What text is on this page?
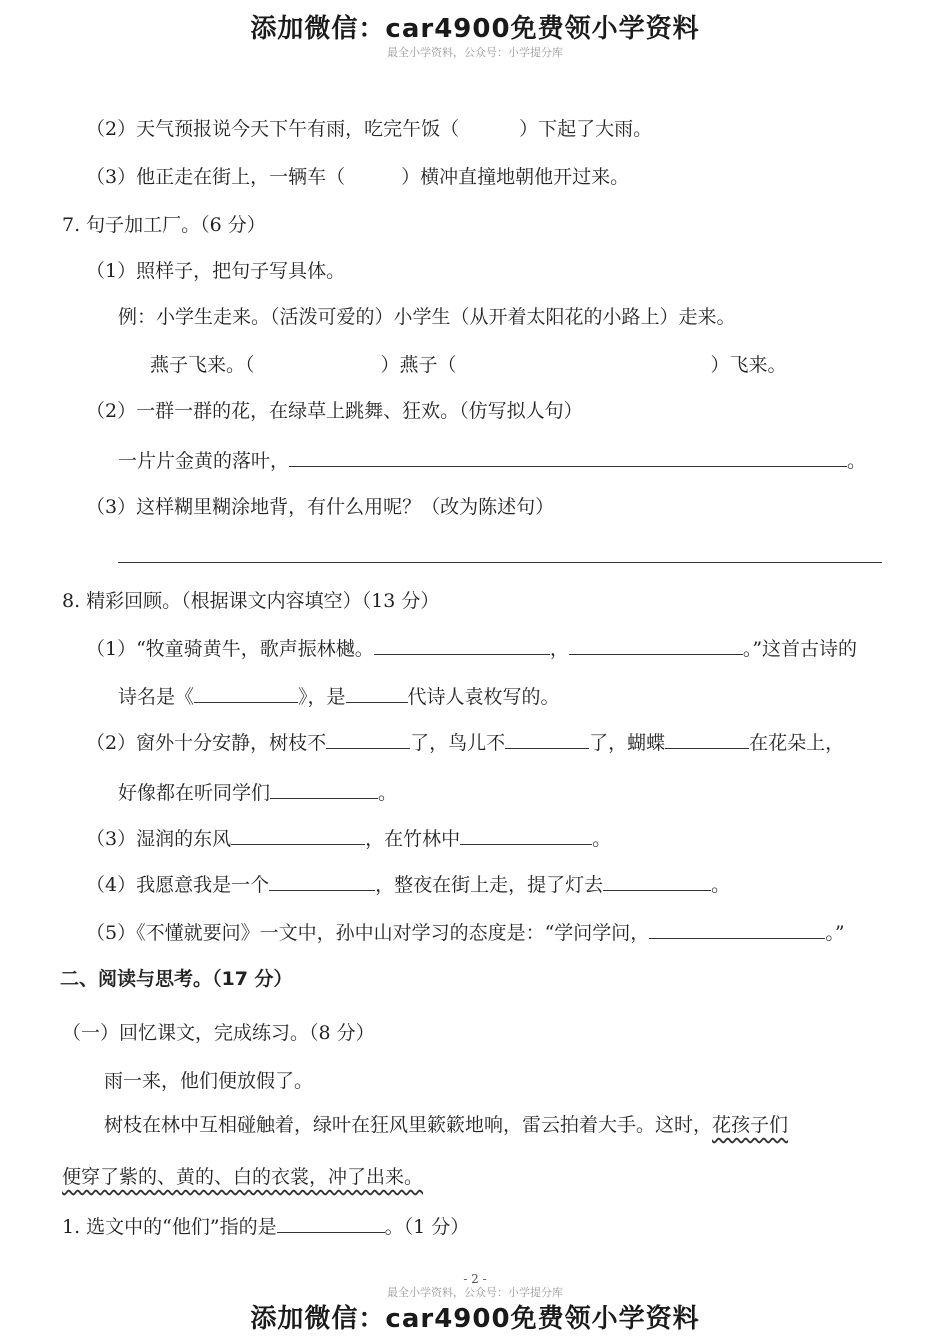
添加微信：car4900免费领小学资料
最全小学资料，公众号：小学提分库
（2）天气预报说今天下午有雨，吃完午饭（	）下起了大雨。
（3）他正走在街上，一辆车（	）横冲直撞地朝他开过来。
7. 句子加工厂。（6 分）
（1）照样子，把句子写具体。
例：小学生走来。（活泼可爱的）小学生（从开着太阳花的小路上）走来。
燕子飞来。（	）燕子（	）飞来。
（2）一群一群的花，在绿草上跳舞、狂欢。（仿写拟人句）
一片片金黄的落叶，	。
（3）这样糊里糊涂地背，有什么用呢？（改为陈述句）
8. 精彩回顾。（根据课文内容填空）（13 分）
（1）“牧童骑黄牛，歌声振林樾。	，	。”这首古诗的
诗名是《	》，是	代诗人袁枚写的。
（2）窗外十分安静，树枝不	了，鸟儿不	了，蝴蝶	在花朵上，
好像都在听同学们	。
（3）湿润的东风	，在竹林中	。
（4）我愿意我是一个	，整夜在街上走，提了灯去	。
（5）《不懂就要问》一文中，孙中山对学习的态度是：“学问学问，	。”
二、阅读与思考。（17 分）
（一）回忆课文，完成练习。（8 分）
雨一来，他们便放假了。
树枝在林中互相碰触着，绿叶在狂风里簌簌地响，雷云拍着大手。这时，花孩子们
便穿了紫的、黄的、白的衣裳，冲了出来。
1. 选文中的“他们”指的是	。（1 分）
- 2 -
最全小学资料，公众号：小学提分库
添加微信：car4900免费领小学资料
